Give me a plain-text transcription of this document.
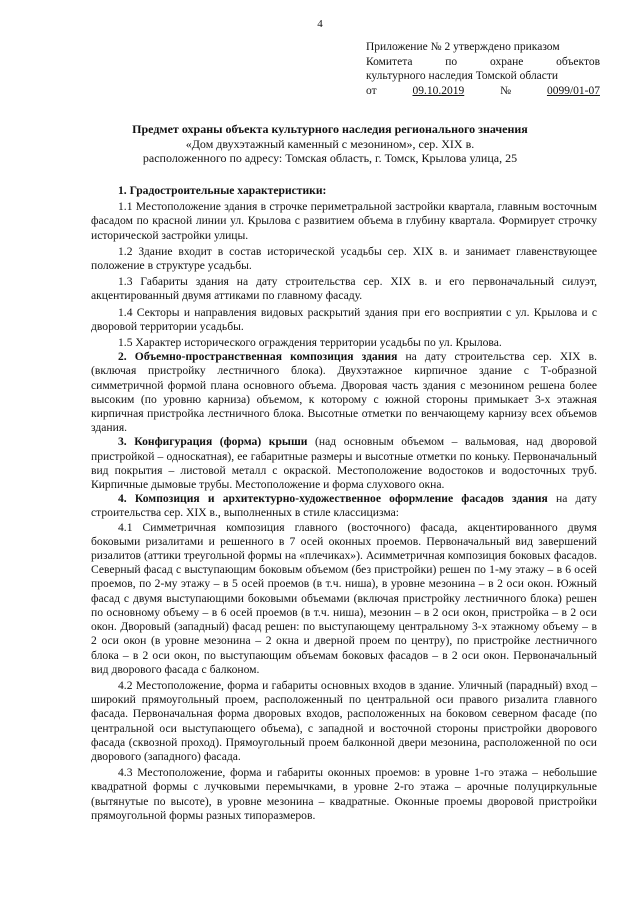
4
Приложение № 2 утверждено приказом
Комитета по охране объектов
культурного наследия Томской области
от	09.10.2019	№	0099/01-07
Предмет охраны объекта культурного наследия регионального значения
«Дом двухэтажный каменный с мезонином», сер. XIX в.
расположенного по адресу: Томская область, г. Томск, Крылова улица, 25

1. Градостроительные характеристики:

1.1 Местоположение здания в строчке периметральной застройки квартала, главным восточным фасадом по красной линии ул. Крылова с развитием объема в глубину квартала. Формирует строчку исторической застройки улицы.

1.2 Здание входит в состав исторической усадьбы сер. XIX в. и занимает главенствующее положение в структуре усадьбы.

1.3 Габариты здания на дату строительства сер. XIX в. и его первоначальный силуэт, акцентированный двумя аттиками по главному фасаду.

1.4 Секторы и направления видовых раскрытий здания при его восприятии с ул. Крылова и с дворовой территории усадьбы.

1.5 Характер исторического ограждения территории усадьбы по ул. Крылова.

2. Объемно-пространственная композиция здания на дату строительства сер. XIX в. (включая пристройку лестничного блока). Двухэтажное кирпичное здание с Т-образной симметричной формой плана основного объема. Дворовая часть здания с мезонином решена более высоким (по уровню карниза) объемом, к которому с южной стороны примыкает 3-х этажная кирпичная пристройка лестничного блока. Высотные отметки по венчающему карнизу всех объемов здания.

3. Конфигурация (форма) крыши (над основным объемом – вальмовая, над дворовой пристройкой – односкатная), ее габаритные размеры и высотные отметки по коньку. Первоначальный вид покрытия – листовой металл с окраской. Местоположение водостоков и водосточных труб. Кирпичные дымовые трубы. Местоположение и форма слухового окна.

4. Композиция и архитектурно-художественное оформление фасадов здания на дату строительства сер. XIX в., выполненных в стиле классицизма:

4.1 Симметричная композиция главного (восточного) фасада, акцентированного двумя боковыми ризалитами и решенного в 7 осей оконных проемов. Первоначальный вид завершений ризалитов (аттики треугольной формы на «плечиках»). Асимметричная композиция боковых фасадов. Северный фасад с выступающим боковым объемом (без пристройки) решен по 1-му этажу – в 6 осей проемов, по 2-му этажу – в 5 осей проемов (в т.ч. ниша), в уровне мезонина – в 2 оси окон. Южный фасад с двумя выступающими боковыми объемами (включая пристройку лестничного блока) решен по основному объему – в 6 осей проемов (в т.ч. ниша), мезонин – в 2 оси окон, пристройка – в 2 оси окон. Дворовый (западный) фасад решен: по выступающему центральному 3-х этажному объему – в 2 оси окон (в уровне мезонина – 2 окна и дверной проем по центру), по пристройке лестничного блока – в 2 оси окон, по выступающим объемам боковых фасадов – в 2 оси окон. Первоначальный вид дворового фасада с балконом.

4.2 Местоположение, форма и габариты основных входов в здание. Уличный (парадный) вход – широкий прямоугольный проем, расположенный по центральной оси правого ризалита главного фасада. Первоначальная форма дворовых входов, расположенных на боковом северном фасаде (по центральной оси выступающего объема), с западной и восточной стороны пристройки дворового фасада (сквозной проход). Прямоугольный проем балконной двери мезонина, расположенной по оси дворового (западного) фасада.

4.3 Местоположение, форма и габариты оконных проемов: в уровне 1-го этажа – небольшие квадратной формы с лучковыми перемычками, в уровне 2-го этажа – арочные полуциркульные (вытянутые по высоте), в уровне мезонина – квадратные. Оконные проемы дворовой пристройки прямоугольной формы разных типоразмеров.
